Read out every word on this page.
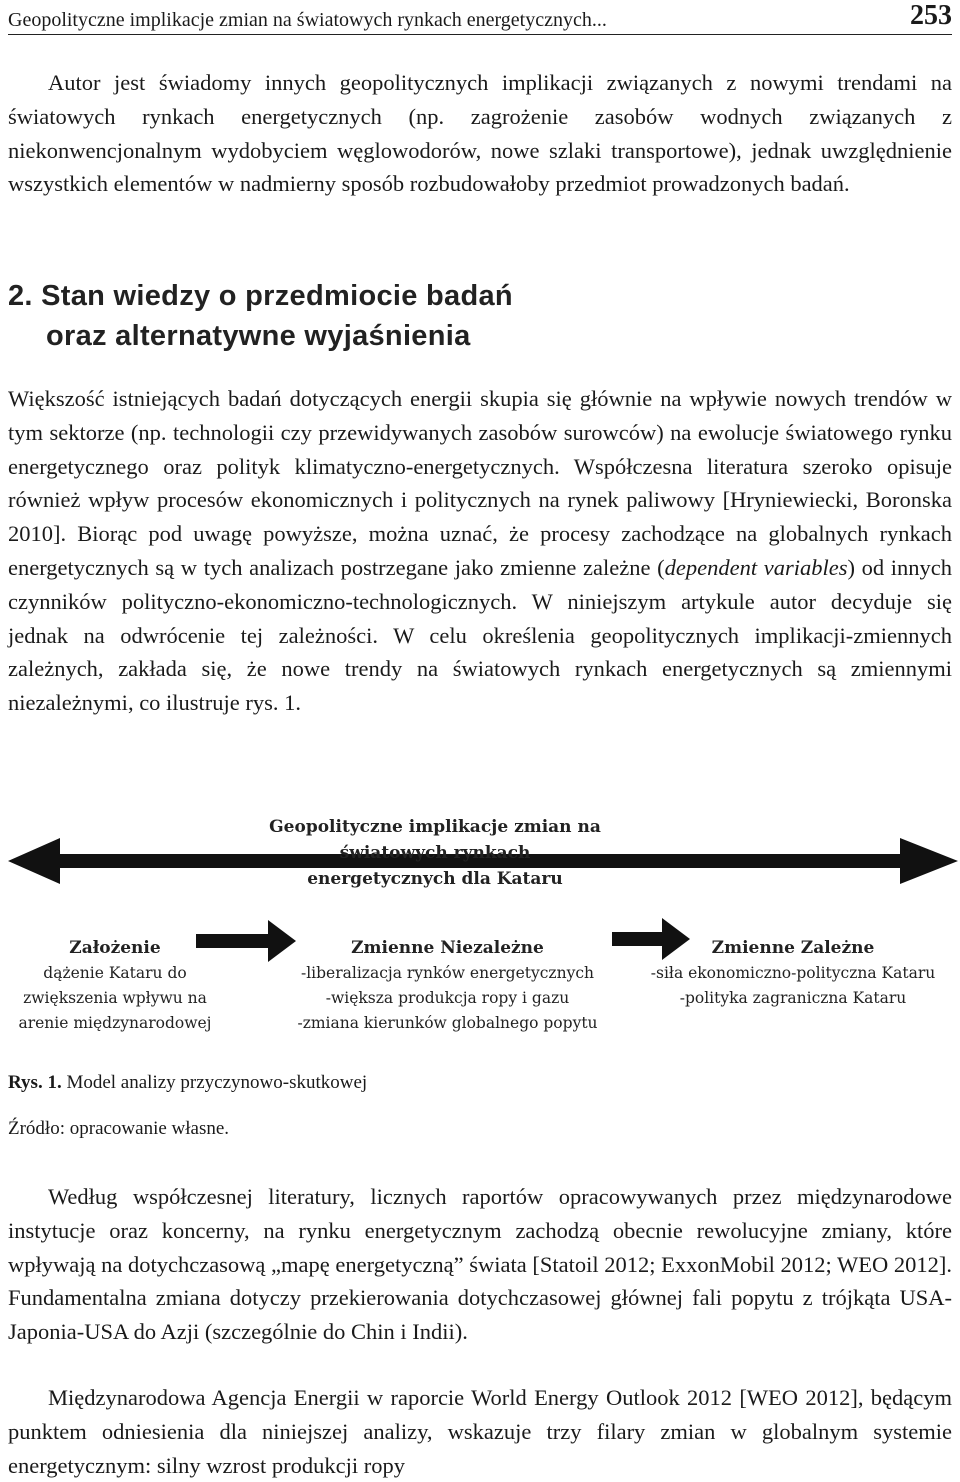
Geopolityczne implikacje zmian na światowych rynkach energetycznych...	253

Autor jest świadomy innych geopolitycznych implikacji związanych z nowymi trendami na światowych rynkach energetycznych (np. zagrożenie zasobów wodnych związanych z niekonwencjonalnym wydobyciem węglowodorów, nowe szlaki transportowe), jednak uwzględnienie wszystkich elementów w nadmierny sposób rozbudowałoby przedmiot prowadzonych badań.

2. Stan wiedzy o przedmiocie badań
oraz alternatywne wyjaśnienia

Większość istniejących badań dotyczących energii skupia się głównie na wpływie nowych trendów w tym sektorze (np. technologii czy przewidywanych zasobów surowców) na ewolucje światowego rynku energetycznego oraz polityk klimatyczno-energetycznych. Współczesna literatura szeroko opisuje również wpływ procesów ekonomicznych i politycznych na rynek paliwowy [Hryniewiecki, Boronska 2010]. Biorąc pod uwagę powyższe, można uznać, że procesy zachodzące na globalnych rynkach energetycznych są w tych analizach postrzegane jako zmienne zależne (dependent variables) od innych czynników polityczno-ekonomiczno-technologicznych. W niniejszym artykule autor decyduje się jednak na odwrócenie tej zależności. W celu określenia geopolitycznych implikacji-zmiennych zależnych, zakłada się, że nowe trendy na światowych rynkach energetycznych są zmiennymi niezależnymi, co ilustruje rys. 1.

Geopolityczne implikacje zmian na
światowych rynkach
energetycznych dla Kataru
Założenie
dążenie Kataru do
zwiększenia wpływu na
arenie międzynarodowej
Zmienne Niezależne
-liberalizacja rynków energetycznych
-większa produkcja ropy i gazu
-zmiana kierunków globalnego popytu
Zmienne Zależne
-siła ekonomiczno-polityczna Kataru
-polityka zagraniczna Kataru
Rys. 1. Model analizy przyczynowo-skutkowej
Źródło: opracowanie własne.

Według współczesnej literatury, licznych raportów opracowywanych przez międzynarodowe instytucje oraz koncerny, na rynku energetycznym zachodzą obecnie rewolucyjne zmiany, które wpływają na dotychczasową „mapę energetyczną” świata [Statoil 2012; ExxonMobil 2012; WEO 2012]. Fundamentalna zmiana dotyczy przekierowania dotychczasowej głównej fali popytu z trójkąta USA-Japonia-USA do Azji (szczególnie do Chin i Indii).

Międzynarodowa Agencja Energii w raporcie World Energy Outlook 2012 [WEO 2012], będącym punktem odniesienia dla niniejszej analizy, wskazuje trzy filary zmian w globalnym systemie energetycznym: silny wzrost produkcji ropy
